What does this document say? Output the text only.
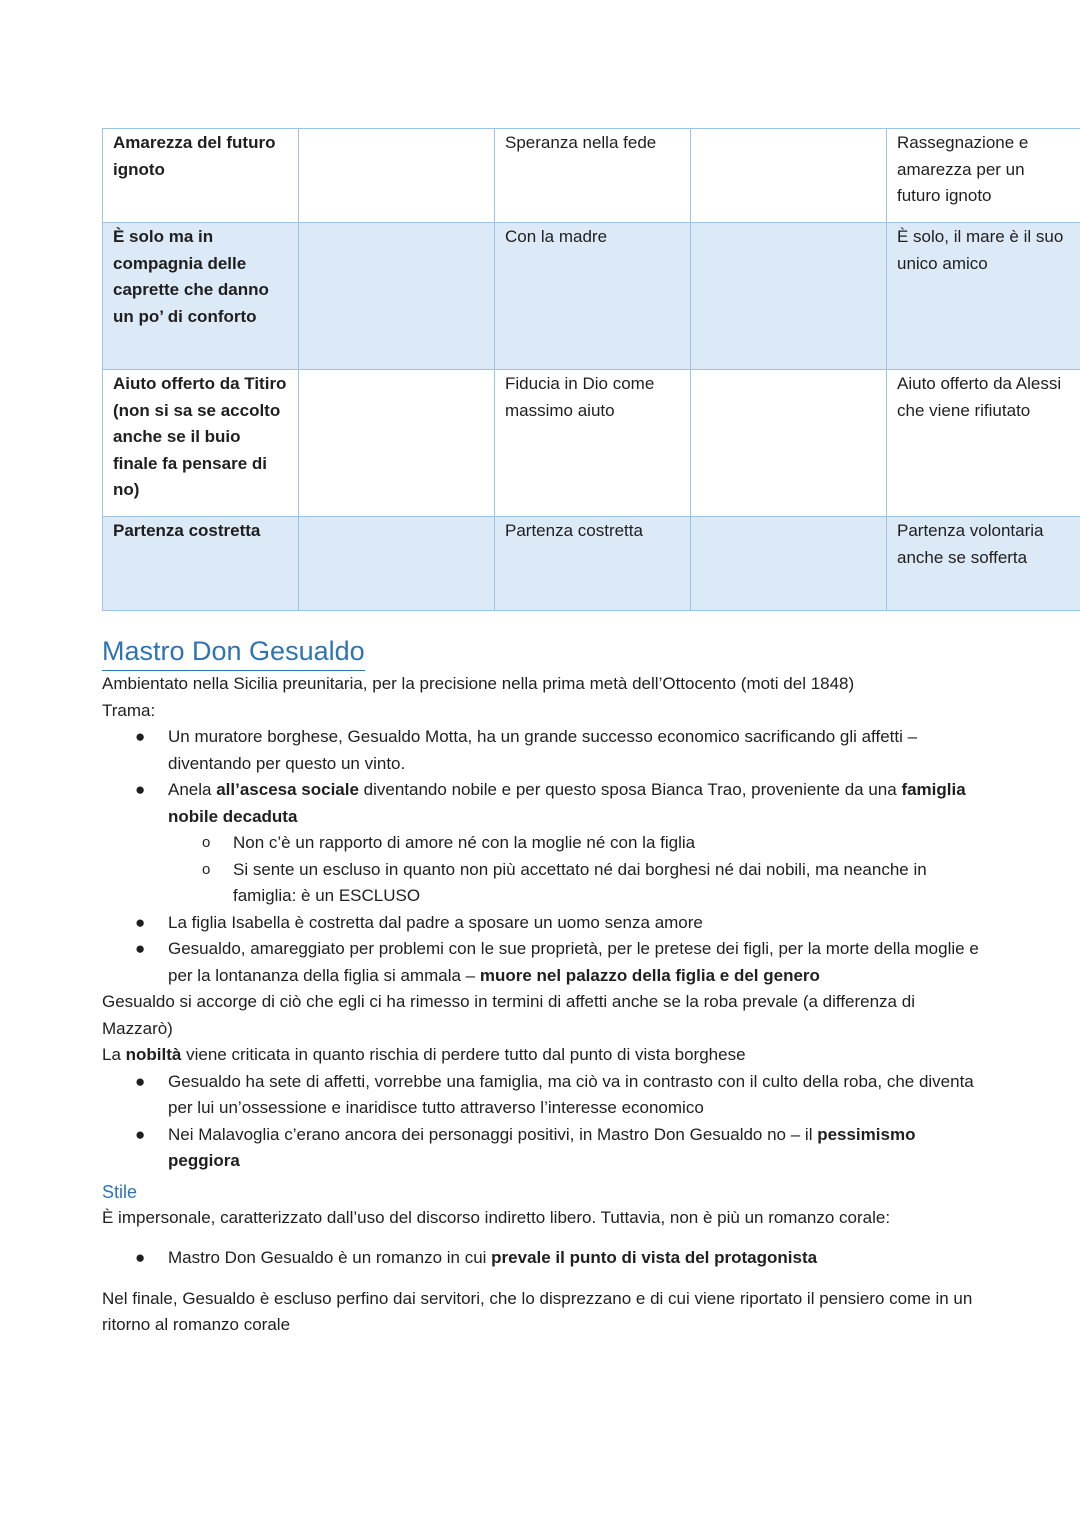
Amarezza del futuro ignoto		Speranza nella fede		Rassegnazione e amarezza per un futuro ignoto
È solo ma in compagnia delle caprette che danno un po’ di conforto		Con la madre		È solo, il mare è il suo unico amico
Aiuto offerto da Titiro (non si sa se accolto anche se il buio finale fa pensare di no)		Fiducia in Dio come massimo aiuto		Aiuto offerto da Alessi che viene rifiutato
Partenza costretta		Partenza costretta		Partenza volontaria anche se sofferta
Mastro Don Gesualdo

Ambientato nella Sicilia preunitaria, per la precisione nella prima metà dell’Ottocento (moti del 1848)

Trama:

● Un muratore borghese, Gesualdo Motta, ha un grande successo economico sacrificando gli affetti – diventando per questo un vinto.
● Anela all’ascesa sociale diventando nobile e per questo sposa Bianca Trao, proveniente da una famiglia nobile decaduta
o Non c’è un rapporto di amore né con la moglie né con la figlia
o Si sente un escluso in quanto non più accettato né dai borghesi né dai nobili, ma neanche in famiglia: è un ESCLUSO
● La figlia Isabella è costretta dal padre a sposare un uomo senza amore
● Gesualdo, amareggiato per problemi con le sue proprietà, per le pretese dei figli, per la morte della moglie e per la lontananza della figlia si ammala – muore nel palazzo della figlia e del genero

Gesualdo si accorge di ciò che egli ci ha rimesso in termini di affetti anche se la roba prevale (a differenza di Mazzarò)

La nobiltà viene criticata in quanto rischia di perdere tutto dal punto di vista borghese

● Gesualdo ha sete di affetti, vorrebbe una famiglia, ma ciò va in contrasto con il culto della roba, che diventa per lui un’ossessione e inaridisce tutto attraverso l’interesse economico
● Nei Malavoglia c’erano ancora dei personaggi positivi, in Mastro Don Gesualdo no – il pessimismo peggiora
Stile

È impersonale, caratterizzato dall’uso del discorso indiretto libero. Tuttavia, non è più un romanzo corale:

● Mastro Don Gesualdo è un romanzo in cui prevale il punto di vista del protagonista

Nel finale, Gesualdo è escluso perfino dai servitori, che lo disprezzano e di cui viene riportato il pensiero come in un ritorno al romanzo corale
